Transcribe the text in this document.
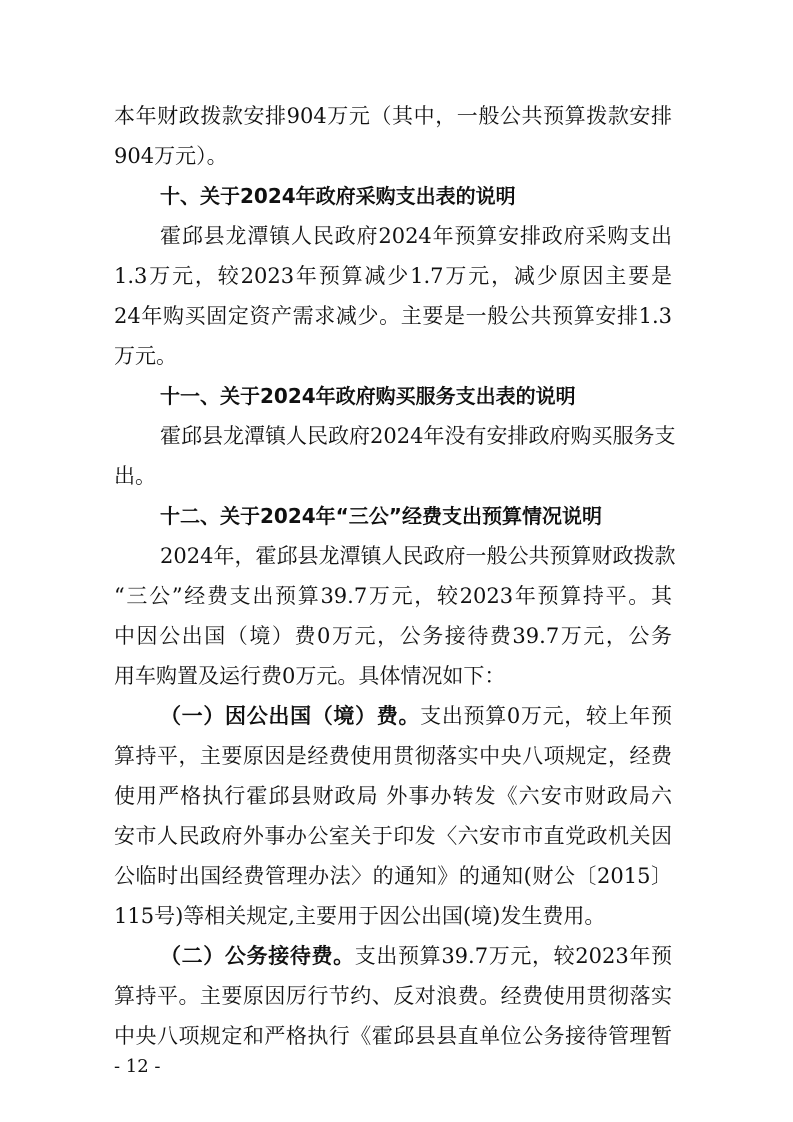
本年财政拨款安排904万元（其中，一般公共预算拨款安排

904万元）。

十、关于2024年政府采购支出表的说明

霍邱县龙潭镇人民政府2024年预算安排政府采购支出

1.3万元，较2023年预算减少1.7万元，减少原因主要是

24年购买固定资产需求减少。主要是一般公共预算安排1.3

万元。

十一、关于2024年政府购买服务支出表的说明

霍邱县龙潭镇人民政府2024年没有安排政府购买服务支

出。

十二、关于2024年“三公”经费支出预算情况说明

2024年，霍邱县龙潭镇人民政府一般公共预算财政拨款

“三公”经费支出预算39.7万元，较2023年预算持平。其

中因公出国（境）费0万元，公务接待费39.7万元，公务

用车购置及运行费0万元。具体情况如下：

（一）因公出国（境）费。支出预算0万元，较上年预

算持平，主要原因是经费使用贯彻落实中央八项规定，经费

使用严格执行霍邱县财政局 外事办转发《六安市财政局六

安市人民政府外事办公室关于印发〈六安市市直党政机关因

公临时出国经费管理办法〉的通知》的通知(财公〔2015〕

115号)等相关规定,主要用于因公出国(境)发生费用。

（二）公务接待费。支出预算39.7万元，较2023年预

算持平。主要原因厉行节约、反对浪费。经费使用贯彻落实

中央八项规定和严格执行《霍邱县县直单位公务接待管理暂

- 12 -
